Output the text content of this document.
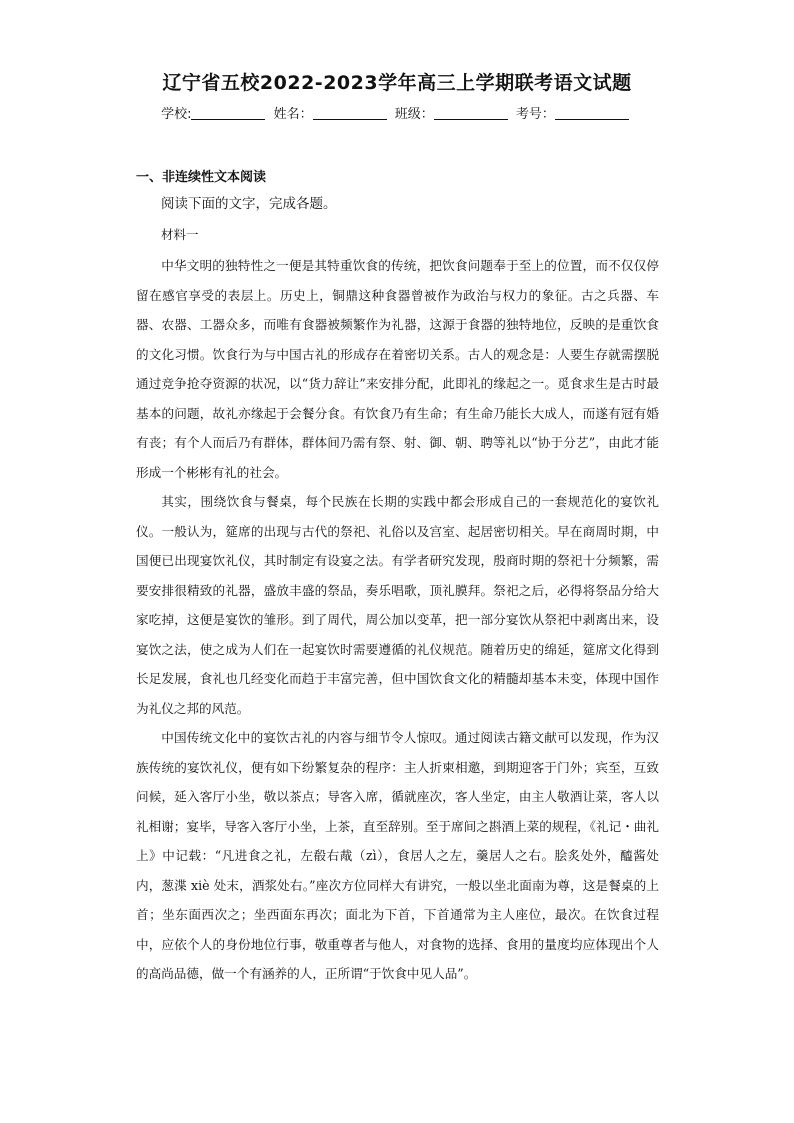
辽宁省五校2022-2023学年高三上学期联考语文试题
学校:	姓名：	班级：	考号：
一、非连续性文本阅读
阅读下面的文字，完成各题。
材料一

中华文明的独特性之一便是其特重饮食的传统，把饮食问题奉于至上的位置，而不仅仅停留在感官享受的表层上。历史上，铜鼎这种食器曾被作为政治与权力的象征。古之兵器、车器、农器、工器众多，而唯有食器被频繁作为礼器，这源于食器的独特地位，反映的是重饮食的文化习惯。饮食行为与中国古礼的形成存在着密切关系。古人的观念是：人要生存就需摆脱通过竞争抢夺资源的状况，以“货力辞让”来安排分配，此即礼的缘起之一。觅食求生是古时最基本的问题，故礼亦缘起于会餐分食。有饮食乃有生命；有生命乃能长大成人，而遂有冠有婚有丧；有个人而后乃有群体，群体间乃需有祭、射、御、朝、聘等礼以“协于分艺”，由此才能形成一个彬彬有礼的社会。

其实，围绕饮食与餐桌，每个民族在长期的实践中都会形成自己的一套规范化的宴饮礼仪。一般认为，筵席的出现与古代的祭祀、礼俗以及宫室、起居密切相关。早在商周时期，中国便已出现宴饮礼仪，其时制定有设宴之法。有学者研究发现，殷商时期的祭祀十分频繁，需要安排很精致的礼器，盛放丰盛的祭品，奏乐唱歌，顶礼膜拜。祭祀之后，必得将祭品分给大家吃掉，这便是宴饮的雏形。到了周代，周公加以变革，把一部分宴饮从祭祀中剥离出来，设宴饮之法，使之成为人们在一起宴饮时需要遵循的礼仪规范。随着历史的绵延，筵席文化得到长足发展，食礼也几经变化而趋于丰富完善，但中国饮食文化的精髓却基本未变，体现中国作为礼仪之邦的风范。

中国传统文化中的宴饮古礼的内容与细节令人惊叹。通过阅读古籍文献可以发现，作为汉族传统的宴饮礼仪，便有如下纷繁复杂的程序：主人折柬相邀，到期迎客于门外；宾至，互致问候，延入客厅小坐，敬以茶点；导客入席，循就座次，客人坐定，由主人敬酒让菜，客人以礼相谢；宴毕，导客入客厅小坐，上茶，直至辞别。至于席间之斟酒上菜的规程，《礼记・曲礼上》中记载：“凡进食之礼，左殽右胾（zì），食居人之左，羹居人之右。脍炙处外，醯酱处内，葱渫 xiè 处末，酒浆处右。”座次方位同样大有讲究，一般以坐北面南为尊，这是餐桌的上首；坐东面西次之；坐西面东再次；面北为下首，下首通常为主人座位，最次。在饮食过程中，应依个人的身份地位行事，敬重尊者与他人，对食物的选择、食用的量度均应体现出个人的高尚品德，做一个有涵养的人，正所谓“于饮食中见人品”。
